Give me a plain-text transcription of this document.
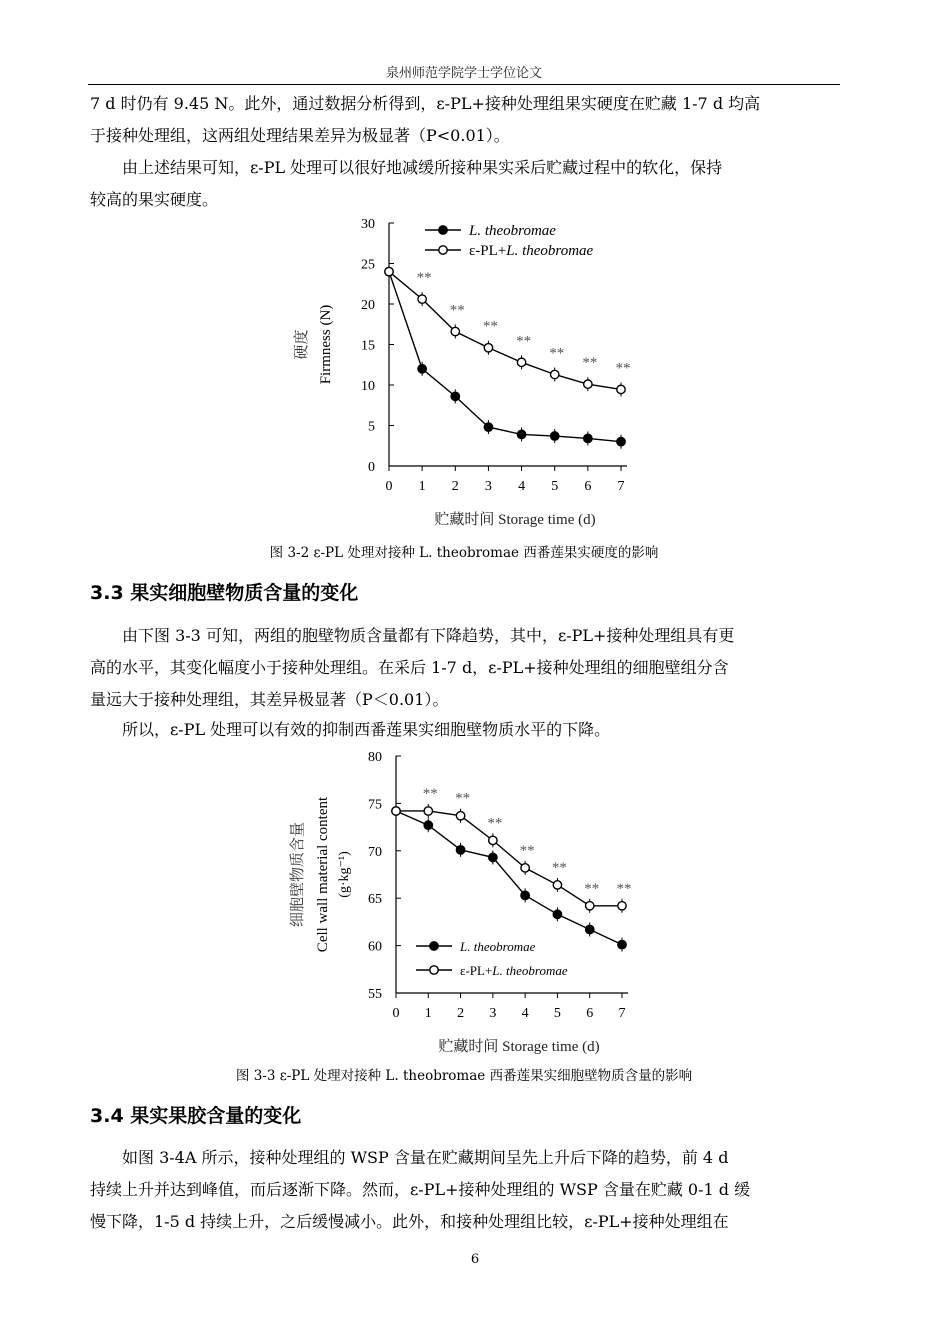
泉州师范学院学士学位论文

7 d 时仍有 9.45 N。此外，通过数据分析得到，ε-PL+接种处理组果实硬度在贮藏 1-7 d 均高
于接种处理组，这两组处理结果差异为极显著（P<0.01）。

由上述结果可知，ε-PL 处理可以很好地减缓所接种果实采后贮藏过程中的软化，保持
较高的果实硬度。

0
5
10
15
20
25
30
0 1 2 3 4 5 6 7
贮藏时间 Storage time (d)
硬度 Firmness (N)
**
**
**
**
**
** **
L. theobromae
ε-PL+L. theobromae
图 3-2 ε-PL 处理对接种 L. theobromae 西番莲果实硬度的影响
3.3 果实细胞壁物质含量的变化

由下图 3-3 可知，两组的胞壁物质含量都有下降趋势，其中，ε-PL+接种处理组具有更
高的水平，其变化幅度小于接种处理组。在采后 1-7 d，ε-PL+接种处理组的细胞壁组分含
量远大于接种处理组，其差异极显著（P＜0.01）。

所以，ε-PL 处理可以有效的抑制西番莲果实细胞壁物质水平的下降。

55
60
65
70
75
80
0 1 2 3 4 5 6 7
贮藏时间 Storage time (d)
细胞壁物质含量 Cell wall material content (g·kg⁻¹)
** **
**
**
**
** **
L. theobromae
ε-PL+L. theobromae
图 3-3 ε-PL 处理对接种 L. theobromae 西番莲果实细胞壁物质含量的影响
3.4 果实果胶含量的变化

如图 3-4A 所示，接种处理组的 WSP 含量在贮藏期间呈先上升后下降的趋势，前 4 d
持续上升并达到峰值，而后逐渐下降。然而，ε-PL+接种处理组的 WSP 含量在贮藏 0-1 d 缓
慢下降，1-5 d 持续上升，之后缓慢减小。此外，和接种处理组比较，ε-PL+接种处理组在

6
